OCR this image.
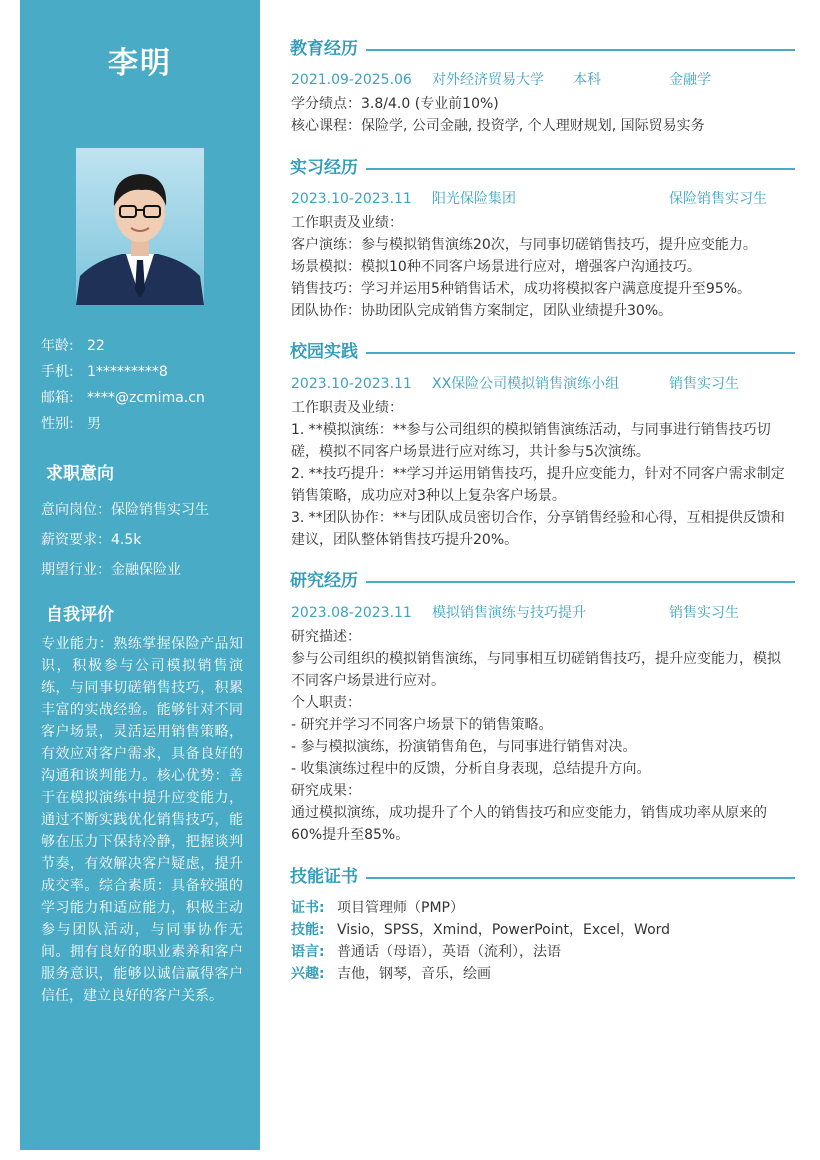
李明
年龄: 22
手机: 1*********8
邮箱: ****@zcmima.cn
性别: 男
求职意向
意向岗位：保险销售实习生
薪资要求：4.5k
期望行业：金融保险业
自我评价
专业能力：熟练掌握保险产品知识，积极参与公司模拟销售演练，与同事切磋销售技巧，积累丰富的实战经验。能够针对不同客户场景，灵活运用销售策略，有效应对客户需求，具备良好的沟通和谈判能力。核心优势：善于在模拟演练中提升应变能力，通过不断实践优化销售技巧，能够在压力下保持冷静，把握谈判节奏，有效解决客户疑虑，提升成交率。综合素质：具备较强的学习能力和适应能力，积极主动参与团队活动，与同事协作无间。拥有良好的职业素养和客户服务意识，能够以诚信赢得客户信任，建立良好的客户关系。
教育经历
2021.09-2025.06 对外经济贸易大学 本科	金融学

学分绩点：3.8/4.0 (专业前10%)

核心课程：保险学, 公司金融, 投资学, 个人理财规划, 国际贸易实务

实习经历
2023.10-2023.11 阳光保险集团	保险销售实习生

工作职责及业绩：

客户演练：参与模拟销售演练20次，与同事切磋销售技巧，提升应变能力。

场景模拟：模拟10种不同客户场景进行应对，增强客户沟通技巧。

销售技巧：学习并运用5种销售话术，成功将模拟客户满意度提升至95%。

团队协作：协助团队完成销售方案制定，团队业绩提升30%。

校园实践
2023.10-2023.11 XX保险公司模拟销售演练小组	销售实习生

工作职责及业绩：

1. **模拟演练：**参与公司组织的模拟销售演练活动，与同事进行销售技巧切磋，模拟不同客户场景进行应对练习，共计参与5次演练。

2. **技巧提升：**学习并运用销售技巧，提升应变能力，针对不同客户需求制定销售策略，成功应对3种以上复杂客户场景。

3. **团队协作：**与团队成员密切合作，分享销售经验和心得，互相提供反馈和建议，团队整体销售技巧提升20%。

研究经历
2023.08-2023.11 模拟销售演练与技巧提升	销售实习生

研究描述：

参与公司组织的模拟销售演练，与同事相互切磋销售技巧，提升应变能力，模拟不同客户场景进行应对。

个人职责：

- 研究并学习不同客户场景下的销售策略。

- 参与模拟演练，扮演销售角色，与同事进行销售对决。

- 收集演练过程中的反馈，分析自身表现，总结提升方向。

研究成果：

通过模拟演练，成功提升了个人的销售技巧和应变能力，销售成功率从原来的60%提升至85%。

技能证书

证书: 项目管理师（PMP）

技能: Visio，SPSS，Xmind，PowerPoint，Excel，Word

语言: 普通话（母语），英语（流利），法语

兴趣: 吉他，钢琴，音乐，绘画
